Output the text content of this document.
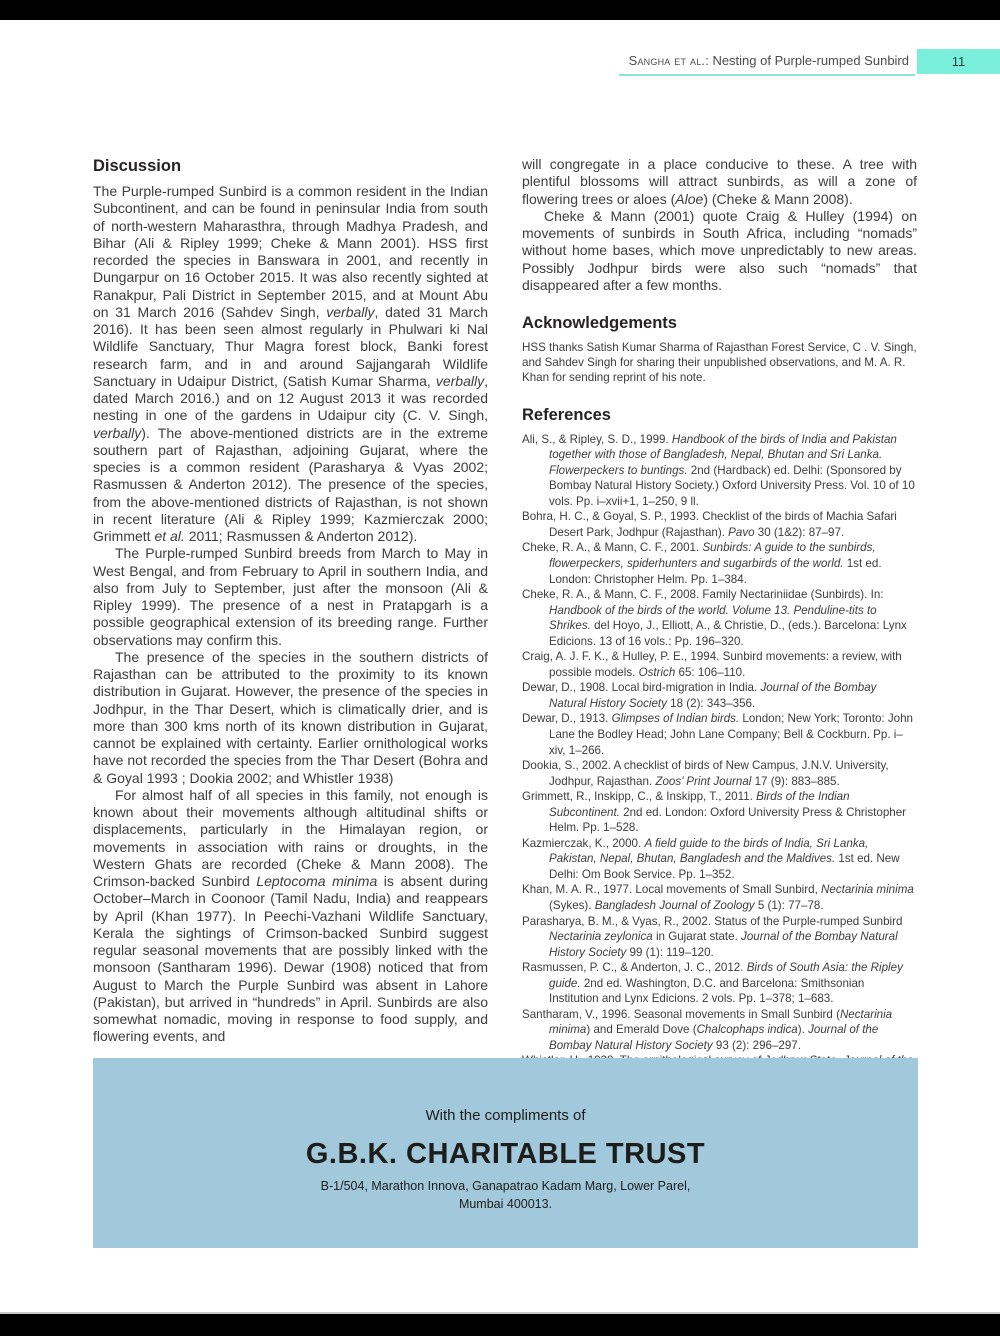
Sangha et al.: Nesting of Purple-rumped Sunbird	11
Discussion

The Purple-rumped Sunbird is a common resident in the Indian Subcontinent, and can be found in peninsular India from south of north-western Maharasthra, through Madhya Pradesh, and Bihar (Ali & Ripley 1999; Cheke & Mann 2001). HSS first recorded the species in Banswara in 2001, and recently in Dungarpur on 16 October 2015. It was also recently sighted at Ranakpur, Pali District in September 2015, and at Mount Abu on 31 March 2016 (Sahdev Singh, verbally, dated 31 March 2016). It has been seen almost regularly in Phulwari ki Nal Wildlife Sanctuary, Thur Magra forest block, Banki forest research farm, and in and around Sajjangarah Wildlife Sanctuary in Udaipur District, (Satish Kumar Sharma, verbally, dated March 2016.) and on 12 August 2013 it was recorded nesting in one of the gardens in Udaipur city (C. V. Singh, verbally). The above-mentioned districts are in the extreme southern part of Rajasthan, adjoining Gujarat, where the species is a common resident (Parasharya & Vyas 2002; Rasmussen & Anderton 2012). The presence of the species, from the above-mentioned districts of Rajasthan, is not shown in recent literature (Ali & Ripley 1999; Kazmierczak 2000; Grimmett et al. 2011; Rasmussen & Anderton 2012).

The Purple-rumped Sunbird breeds from March to May in West Bengal, and from February to April in southern India, and also from July to September, just after the monsoon (Ali & Ripley 1999). The presence of a nest in Pratapgarh is a possible geographical extension of its breeding range. Further observations may confirm this.

The presence of the species in the southern districts of Rajasthan can be attributed to the proximity to its known distribution in Gujarat. However, the presence of the species in Jodhpur, in the Thar Desert, which is climatically drier, and is more than 300 kms north of its known distribution in Gujarat, cannot be explained with certainty. Earlier ornithological works have not recorded the species from the Thar Desert (Bohra and & Goyal 1993 ; Dookia 2002; and Whistler 1938)

For almost half of all species in this family, not enough is known about their movements although altitudinal shifts or displacements, particularly in the Himalayan region, or movements in association with rains or droughts, in the Western Ghats are recorded (Cheke & Mann 2008). The Crimson-backed Sunbird Leptocoma minima is absent during October–March in Coonoor (Tamil Nadu, India) and reappears by April (Khan 1977). In Peechi-Vazhani Wildlife Sanctuary, Kerala the sightings of Crimson-backed Sunbird suggest regular seasonal movements that are possibly linked with the monsoon (Santharam 1996). Dewar (1908) noticed that from August to March the Purple Sunbird was absent in Lahore (Pakistan), but arrived in “hundreds” in April. Sunbirds are also somewhat nomadic, moving in response to food supply, and flowering events, and

will congregate in a place conducive to these. A tree with plentiful blossoms will attract sunbirds, as will a zone of flowering trees or aloes (Aloe) (Cheke & Mann 2008).

Cheke & Mann (2001) quote Craig & Hulley (1994) on movements of sunbirds in South Africa, including “nomads” without home bases, which move unpredictably to new areas. Possibly Jodhpur birds were also such “nomads” that disappeared after a few months.

Acknowledgements

HSS thanks Satish Kumar Sharma of Rajasthan Forest Service, C . V. Singh, and Sahdev Singh for sharing their unpublished observations, and M. A. R. Khan for sending reprint of his note.

References

Ali, S., & Ripley, S. D., 1999. Handbook of the birds of India and Pakistan together with those of Bangladesh, Nepal, Bhutan and Sri Lanka. Flowerpeckers to buntings. 2nd (Hardback) ed. Delhi: (Sponsored by Bombay Natural History Society.) Oxford University Press. Vol. 10 of 10 vols. Pp. i–xvii+1, 1–250, 9 ll.

Bohra, H. C., & Goyal, S. P., 1993. Checklist of the birds of Machia Safari Desert Park, Jodhpur (Rajasthan). Pavo 30 (1&2): 87–97.

Cheke, R. A., & Mann, C. F., 2001. Sunbirds: A guide to the sunbirds, flowerpeckers, spiderhunters and sugarbirds of the world. 1st ed. London: Christopher Helm. Pp. 1–384.

Cheke, R. A., & Mann, C. F., 2008. Family Nectariniidae (Sunbirds). In: Handbook of the birds of the world. Volume 13. Penduline-tits to Shrikes. del Hoyo, J., Elliott, A., & Christie, D., (eds.). Barcelona: Lynx Edicions. 13 of 16 vols.: Pp. 196–320.

Craig, A. J. F. K., & Hulley, P. E., 1994. Sunbird movements: a review, with possible models. Ostrich 65: 106–110.

Dewar, D., 1908. Local bird-migration in India. Journal of the Bombay Natural History Society 18 (2): 343–356.

Dewar, D., 1913. Glimpses of Indian birds. London; New York; Toronto: John Lane the Bodley Head; John Lane Company; Bell & Cockburn. Pp. i–xiv, 1–266.

Dookia, S., 2002. A checklist of birds of New Campus, J.N.V. University, Jodhpur, Rajasthan. Zoos’ Print Journal 17 (9): 883–885.

Grimmett, R., Inskipp, C., & Inskipp, T., 2011. Birds of the Indian Subcontinent. 2nd ed. London: Oxford University Press & Christopher Helm. Pp. 1–528.

Kazmierczak, K., 2000. A field guide to the birds of India, Sri Lanka, Pakistan, Nepal, Bhutan, Bangladesh and the Maldives. 1st ed. New Delhi: Om Book Service. Pp. 1–352.

Khan, M. A. R., 1977. Local movements of Small Sunbird, Nectarinia minima (Sykes). Bangladesh Journal of Zoology 5 (1): 77–78.

Parasharya, B. M., & Vyas, R., 2002. Status of the Purple-rumped Sunbird Nectarinia zeylonica in Gujarat state. Journal of the Bombay Natural History Society 99 (1): 119–120.

Rasmussen, P. C., & Anderton, J. C., 2012. Birds of South Asia: the Ripley guide. 2nd ed. Washington, D.C. and Barcelona: Smithsonian Institution and Lynx Edicions. 2 vols. Pp. 1–378; 1–683.

Santharam, V., 1996. Seasonal movements in Small Sunbird (Nectarinia minima) and Emerald Dove (Chalcophaps indica). Journal of the Bombay Natural History Society 93 (2): 296–297.

With the compliments of

G.B.K. CHARITABLE TRUST

B-1/504, Marathon Innova, Ganapatrao Kadam Marg, Lower Parel,

Mumbai 400013.
